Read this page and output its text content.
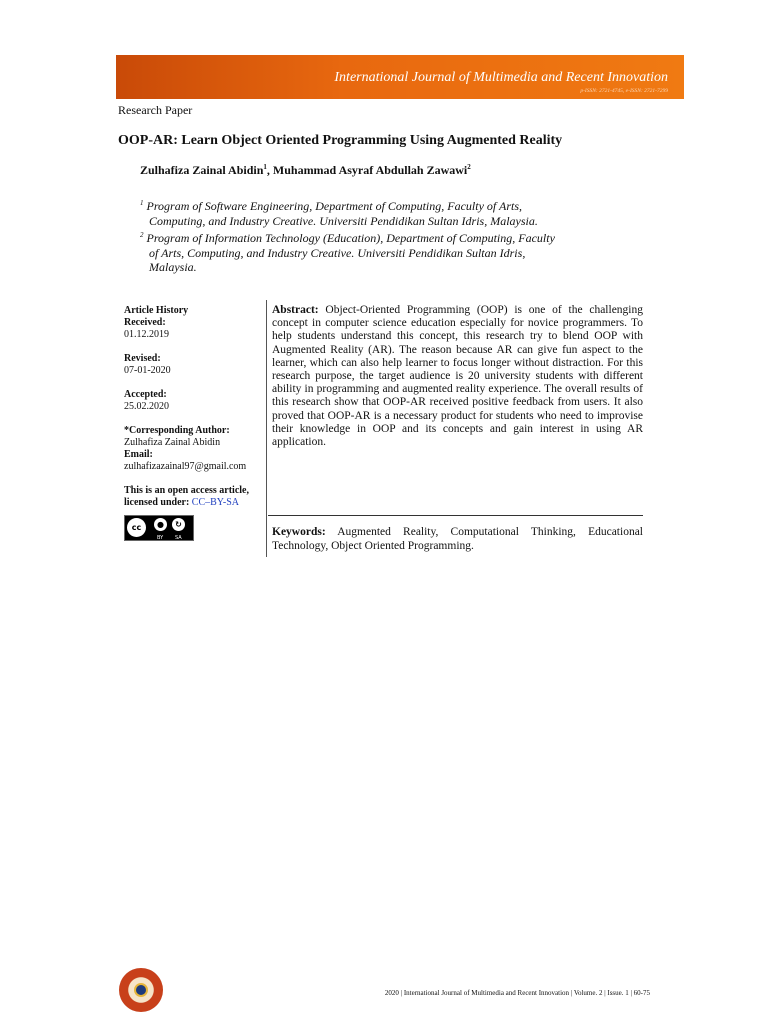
International Journal of Multimedia and Recent Innovation
p-ISSN: 2721-4745, e-ISSN: 2721-7299
Research Paper
OOP-AR: Learn Object Oriented Programming Using Augmented Reality
Zulhafiza Zainal Abidin$^1$, Muhammad Asyraf Abdullah Zawawi$^2$
$^1$ Program of Software Engineering, Department of Computing, Faculty of Arts,
Computing, and Industry Creative. Universiti Pendidikan Sultan Idris, Malaysia.
$^2$ Program of Information Technology (Education), Department of Computing, Faculty
of Arts, Computing, and Industry Creative. Universiti Pendidikan Sultan Idris,
Malaysia.
Article History
Received:
01.12.2019
Revised:
07-01-2020
Accepted:
25.02.2020
*Corresponding Author:
Zulhafiza Zainal Abidin
Email:
zulhafizazainal97@gmail.com
This is an open access article,
licensed under: CC–BY-SA
cc	●	↻
BY SA
Abstract: Object-Oriented Programming (OOP) is one of the challenging concept in computer science education especially for novice programmers. To help students understand this concept, this research try to blend OOP with Augmented Reality (AR). The reason because AR can give fun aspect to the learner, which can also help learner to focus longer without distraction. For this research purpose, the target audience is 20 university students with different ability in programming and augmented reality experience. The overall results of this research show that OOP-AR received positive feedback from users. It also proved that OOP-AR is a necessary product for students who need to improvise their knowledge in OOP and its concepts and gain interest in using AR application.
Keywords: Augmented Reality, Computational Thinking, Educational Technology, Object Oriented Programming.
2020 | International Journal of Multimedia and Recent Innovation | Volume. 2 | Issue. 1 | 60-75
